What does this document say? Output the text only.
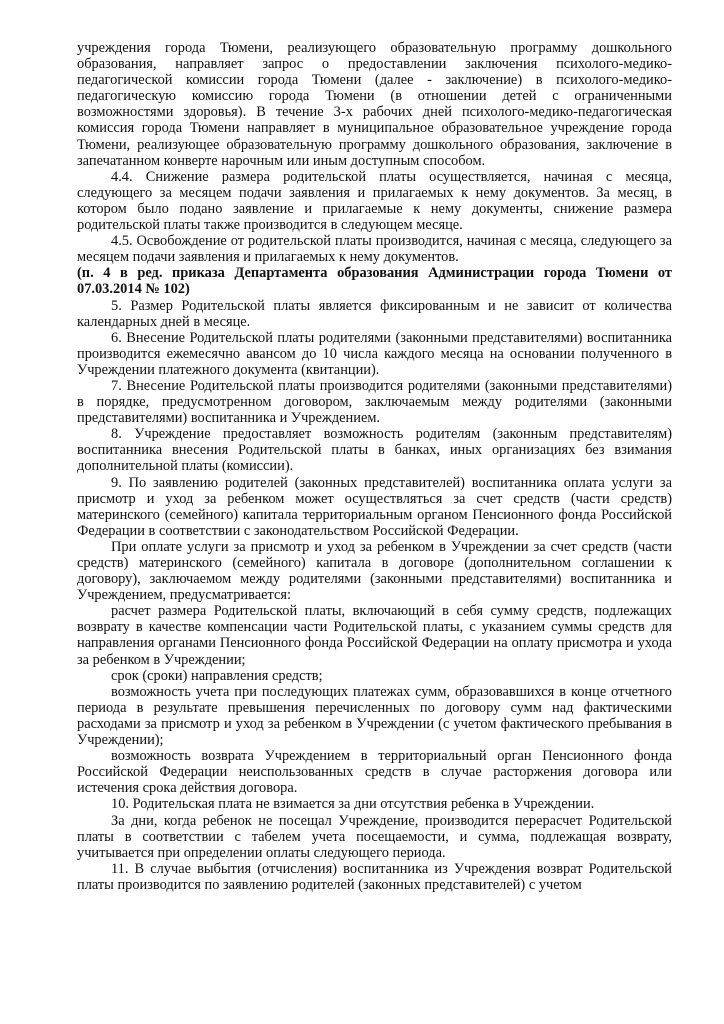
учреждения города Тюмени, реализующего образовательную программу дошкольного образования, направляет запрос о предоставлении заключения психолого-медико-педагогической комиссии города Тюмени (далее - заключение) в психолого-медико-педагогическую комиссию города Тюмени (в отношении детей с ограниченными возможностями здоровья). В течение 3-х рабочих дней психолого-медико-педагогическая комиссия города Тюмени направляет в муниципальное образовательное учреждение города Тюмени, реализующее образовательную программу дошкольного образования, заключение в запечатанном конверте нарочным или иным доступным способом.

4.4. Снижение размера родительской платы осуществляется, начиная с месяца, следующего за месяцем подачи заявления и прилагаемых к нему документов. За месяц, в котором было подано заявление и прилагаемые к нему документы, снижение размера родительской платы также производится в следующем месяце.

4.5. Освобождение от родительской платы производится, начиная с месяца, следующего за месяцем подачи заявления и прилагаемых к нему документов.

(п. 4 в ред. приказа Департамента образования Администрации города Тюмени от 07.03.2014 № 102)

5. Размер Родительской платы является фиксированным и не зависит от количества календарных дней в месяце.

6. Внесение Родительской платы родителями (законными представителями) воспитанника производится ежемесячно авансом до 10 числа каждого месяца на основании полученного в Учреждении платежного документа (квитанции).

7. Внесение Родительской платы производится родителями (законными представителями) в порядке, предусмотренном договором, заключаемым между родителями (законными представителями) воспитанника и Учреждением.

8. Учреждение предоставляет возможность родителям (законным представителям) воспитанника внесения Родительской платы в банках, иных организациях без взимания дополнительной платы (комиссии).

9. По заявлению родителей (законных представителей) воспитанника оплата услуги за присмотр и уход за ребенком может осуществляться за счет средств (части средств) материнского (семейного) капитала территориальным органом Пенсионного фонда Российской Федерации в соответствии с законодательством Российской Федерации.

При оплате услуги за присмотр и уход за ребенком в Учреждении за счет средств (части средств) материнского (семейного) капитала в договоре (дополнительном соглашении к договору), заключаемом между родителями (законными представителями) воспитанника и Учреждением, предусматривается:

расчет размера Родительской платы, включающий в себя сумму средств, подлежащих возврату в качестве компенсации части Родительской платы, с указанием суммы средств для направления органами Пенсионного фонда Российской Федерации на оплату присмотра и ухода за ребенком в Учреждении;

срок (сроки) направления средств;

возможность учета при последующих платежах сумм, образовавшихся в конце отчетного периода в результате превышения перечисленных по договору сумм над фактическими расходами за присмотр и уход за ребенком в Учреждении (с учетом фактического пребывания в Учреждении);

возможность возврата Учреждением в территориальный орган Пенсионного фонда Российской Федерации неиспользованных средств в случае расторжения договора или истечения срока действия договора.

10. Родительская плата не взимается за дни отсутствия ребенка в Учреждении.

За дни, когда ребенок не посещал Учреждение, производится перерасчет Родительской платы в соответствии с табелем учета посещаемости, и сумма, подлежащая возврату, учитывается при определении оплаты следующего периода.

11. В случае выбытия (отчисления) воспитанника из Учреждения возврат Родительской платы производится по заявлению родителей (законных представителей) с учетом
